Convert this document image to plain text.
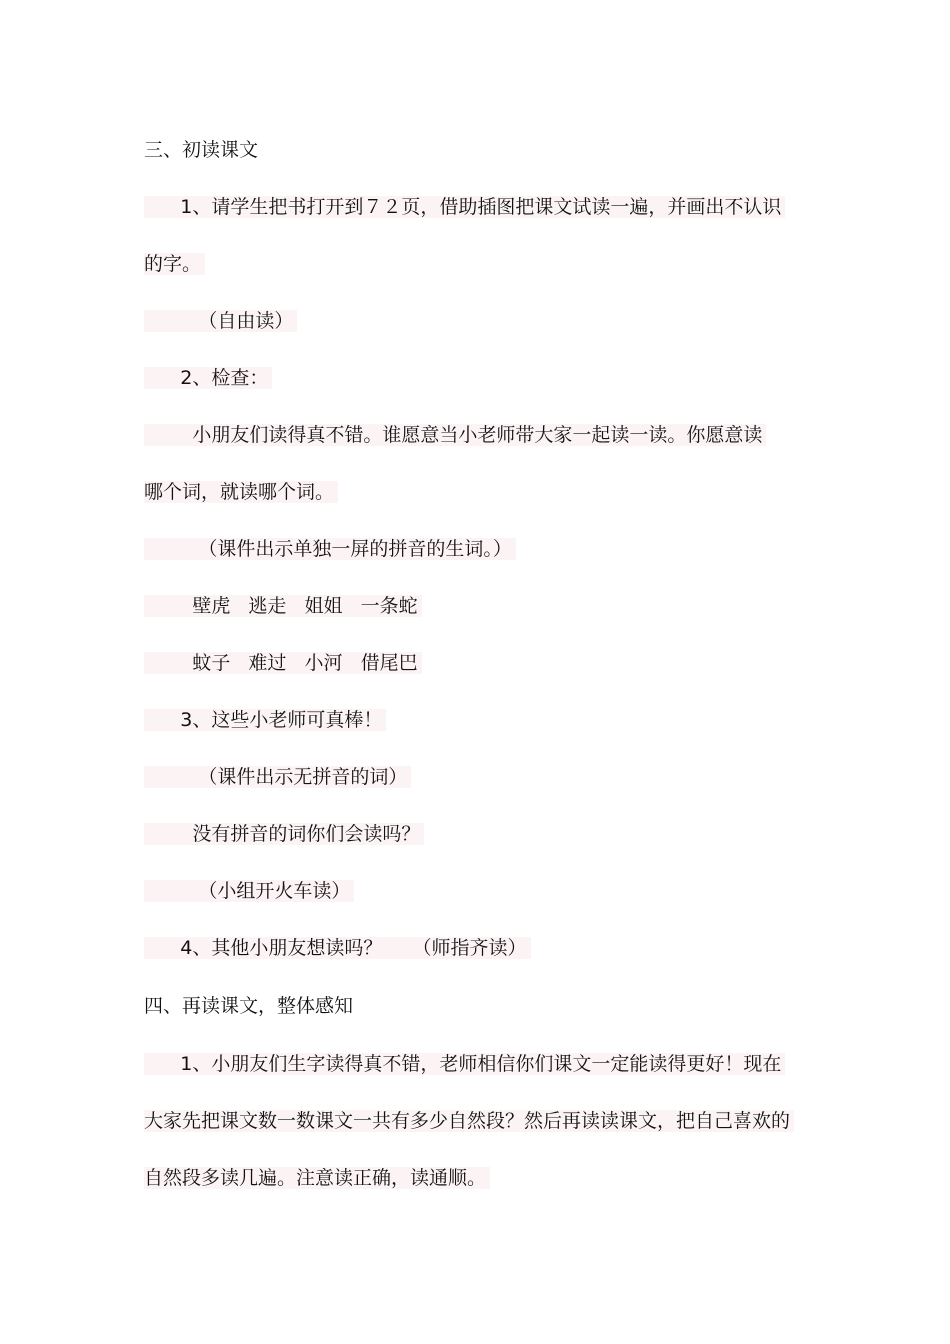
三、初读课文
1、请学生把书打开到７２页，借助插图把课文试读一遍，并画出不认识
的字。
（自由读）
2、检查：
小朋友们读得真不错。谁愿意当小老师带大家一起读一读。你愿意读
哪个词，就读哪个词。
（课件出示单独一屏的拼音的生词。）
壁虎   逃走   姐姐   一条蛇
蚊子   难过   小河   借尾巴
3、这些小老师可真棒！
（课件出示无拼音的词）
没有拼音的词你们会读吗？
（小组开火车读）
4、其他小朋友想读吗？     （师指齐读）
四、再读课文，整体感知
1、小朋友们生字读得真不错，老师相信你们课文一定能读得更好！现在
大家先把课文数一数课文一共有多少自然段？然后再读读课文，把自己喜欢的
自然段多读几遍。注意读正确，读通顺。
